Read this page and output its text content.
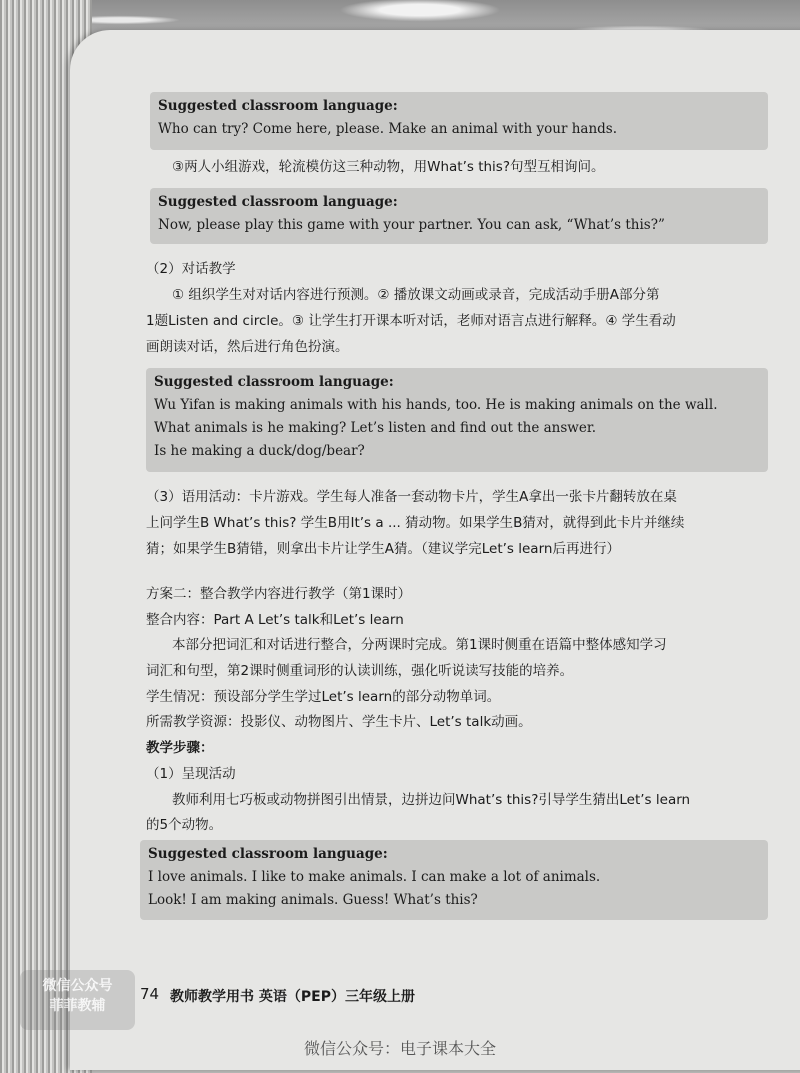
Suggested classroom language:
Who can try? Come here, please. Make an animal with your hands.
③两人小组游戏，轮流模仿这三种动物，用What’s this?句型互相询问。
Suggested classroom language:
Now, please play this game with your partner. You can ask, “What’s this?”
（2）对话教学
① 组织学生对对话内容进行预测。② 播放课文动画或录音，完成活动手册A部分第
1题Listen and circle。③ 让学生打开课本听对话，老师对语言点进行解释。④ 学生看动
画朗读对话，然后进行角色扮演。
Suggested classroom language:
Wu Yifan is making animals with his hands, too. He is making animals on the wall.
What animals is he making? Let’s listen and find out the answer.
Is he making a duck/dog/bear?
（3）语用活动：卡片游戏。学生每人准备一套动物卡片，学生A拿出一张卡片翻转放在桌
上问学生B What’s this? 学生B用It’s a ... 猜动物。如果学生B猜对，就得到此卡片并继续
猜；如果学生B猜错，则拿出卡片让学生A猜。（建议学完Let’s learn后再进行）
方案二：整合教学内容进行教学（第1课时）
整合内容：Part A Let’s talk和Let’s learn
本部分把词汇和对话进行整合，分两课时完成。第1课时侧重在语篇中整体感知学习
词汇和句型，第2课时侧重词形的认读训练，强化听说读写技能的培养。
学生情况：预设部分学生学过Let’s learn的部分动物单词。
所需教学资源：投影仪、动物图片、学生卡片、Let’s talk动画。
教学步骤：
（1）呈现活动
教师利用七巧板或动物拼图引出情景，边拼边问What’s this?引导学生猜出Let’s learn
的5个动物。
Suggested classroom language:
I love animals. I like to make animals. I can make a lot of animals.
Look! I am making animals. Guess! What’s this?
74 教师教学用书 英语（PEP）三年级上册
微信公众号
菲菲教辅
微信公众号：电子课本大全
